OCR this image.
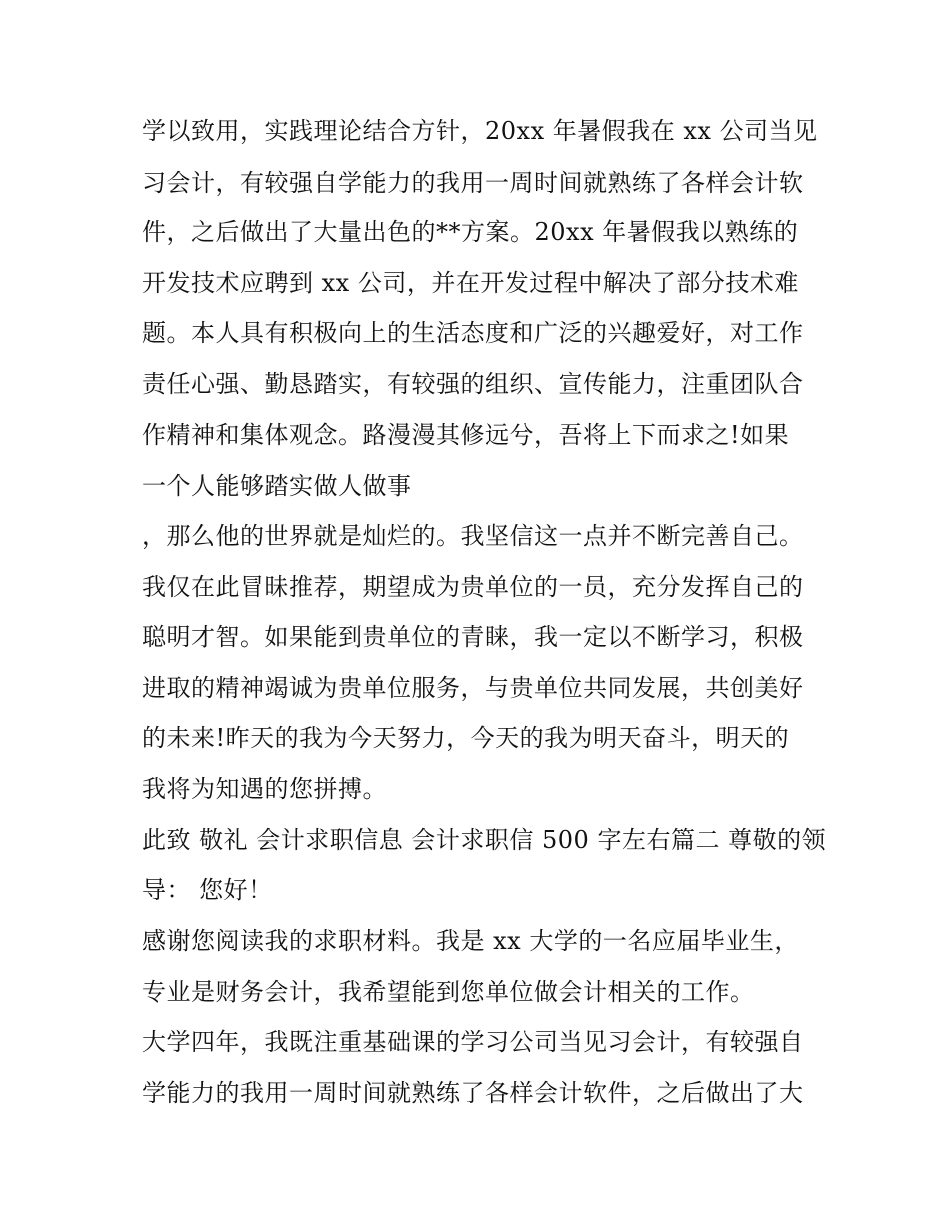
学以致用，实践理论结合方针，20xx 年暑假我在 xx 公司当见
习会计，有较强自学能力的我用一周时间就熟练了各样会计软
件，之后做出了大量出色的**方案。20xx 年暑假我以熟练的
开发技术应聘到 xx 公司，并在开发过程中解决了部分技术难
题。本人具有积极向上的生活态度和广泛的兴趣爱好，对工作
责任心强、勤恳踏实，有较强的组织、宣传能力，注重团队合
作精神和集体观念。路漫漫其修远兮，吾将上下而求之!如果
一个人能够踏实做人做事
，那么他的世界就是灿烂的。我坚信这一点并不断完善自己。
我仅在此冒昧推荐，期望成为贵单位的一员，充分发挥自己的
聪明才智。如果能到贵单位的青睐，我一定以不断学习，积极
进取的精神竭诚为贵单位服务，与贵单位共同发展，共创美好
的未来!昨天的我为今天努力，今天的我为明天奋斗，明天的
我将为知遇的您拼搏。
此致 敬礼 会计求职信息 会计求职信 500 字左右篇二 尊敬的领
导： 您好！
感谢您阅读我的求职材料。我是 xx 大学的一名应届毕业生，
专业是财务会计，我希望能到您单位做会计相关的工作。
大学四年，我既注重基础课的学习公司当见习会计，有较强自
学能力的我用一周时间就熟练了各样会计软件，之后做出了大
